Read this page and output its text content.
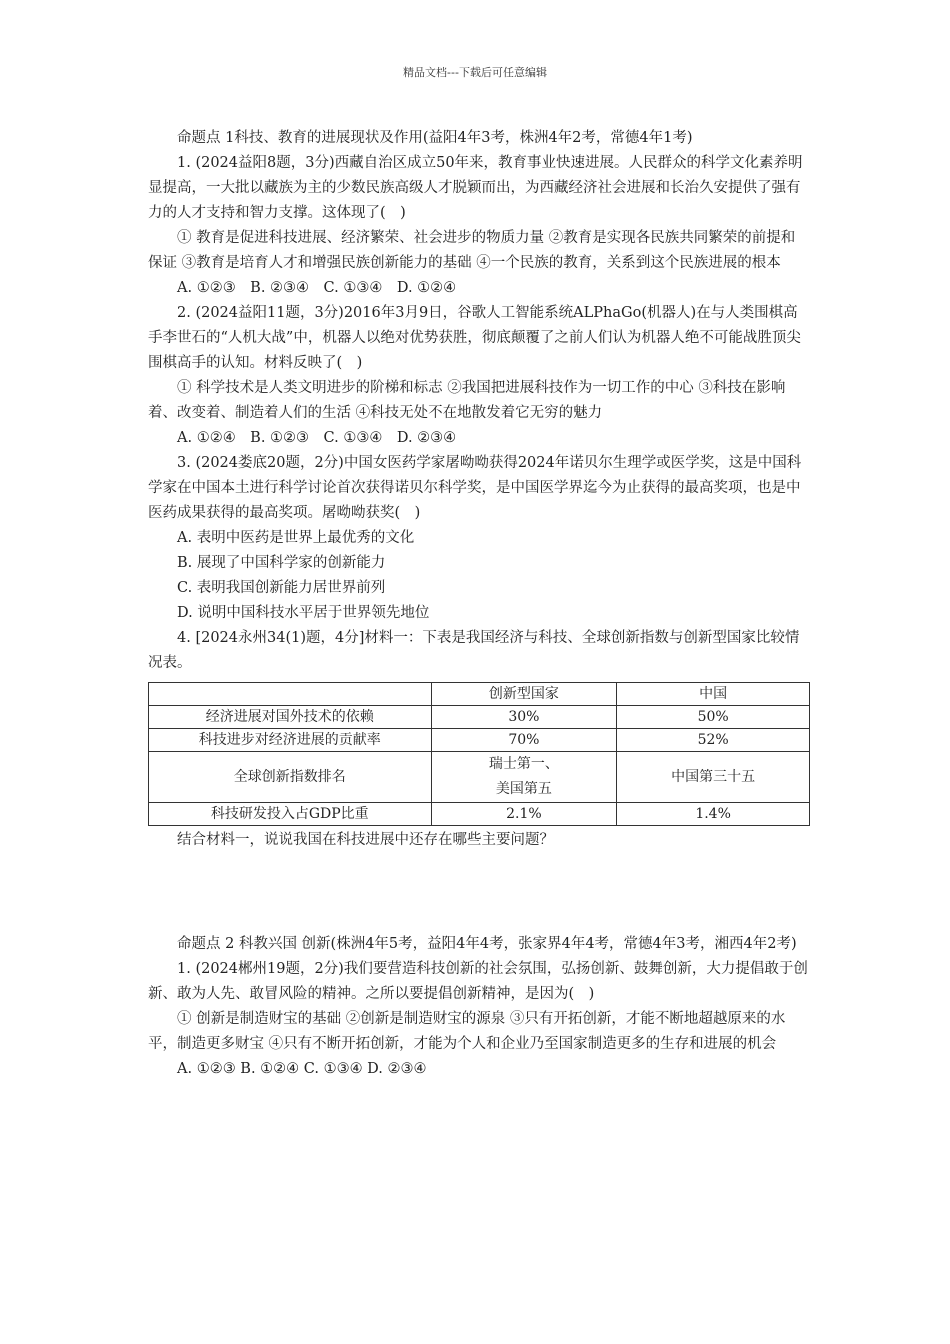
精品文档---下载后可任意编辑

命题点 1科技、教育的进展现状及作用(益阳4年3考，株洲4年2考，常德4年1考)

1. (2024益阳8题，3分)西藏自治区成立50年来，教育事业快速进展。人民群众的科学文化素养明显提高，一大批以藏族为主的少数民族高级人才脱颖而出，为西藏经济社会进展和长治久安提供了强有力的人才支持和智力支撑。这体现了(　)

① 教育是促进科技进展、经济繁荣、社会进步的物质力量 ②教育是实现各民族共同繁荣的前提和保证 ③教育是培育人才和增强民族创新能力的基础 ④一个民族的教育，关系到这个民族进展的根本

A. ①②③　B. ②③④　C. ①③④　D. ①②④

2. (2024益阳11题，3分)2016年3月9日，谷歌人工智能系统ALPhaGo(机器人)在与人类围棋高手李世石的“人机大战”中，机器人以绝对优势获胜，彻底颠覆了之前人们认为机器人绝不可能战胜顶尖围棋高手的认知。材料反映了(　)

① 科学技术是人类文明进步的阶梯和标志 ②我国把进展科技作为一切工作的中心 ③科技在影响着、改变着、制造着人们的生活 ④科技无处不在地散发着它无穷的魅力

A. ①②④　B. ①②③　C. ①③④　D. ②③④

3. (2024娄底20题，2分)中国女医药学家屠呦呦获得2024年诺贝尔生理学或医学奖，这是中国科学家在中国本土进行科学讨论首次获得诺贝尔科学奖，是中国医学界迄今为止获得的最高奖项，也是中医药成果获得的最高奖项。屠呦呦获奖(　)

A. 表明中医药是世界上最优秀的文化

B. 展现了中国科学家的创新能力

C. 表明我国创新能力居世界前列

D. 说明中国科技水平居于世界领先地位

4. [2024永州34(1)题，4分]材料一：下表是我国经济与科技、全球创新指数与创新型国家比较情况表。

	创新型国家	中国
经济进展对国外技术的依赖	30%	50%
科技进步对经济进展的贡献率	70%	52%
全球创新指数排名	瑞士第一、
美国第五	中国第三十五
科技研发投入占GDP比重	2.1%	1.4%

结合材料一，说说我国在科技进展中还存在哪些主要问题？

命题点 2 科教兴国 创新(株洲4年5考，益阳4年4考，张家界4年4考，常德4年3考，湘西4年2考)

1. (2024郴州19题，2分)我们要营造科技创新的社会氛围，弘扬创新、鼓舞创新，大力提倡敢于创新、敢为人先、敢冒风险的精神。之所以要提倡创新精神，是因为(　)

① 创新是制造财宝的基础 ②创新是制造财宝的源泉 ③只有开拓创新，才能不断地超越原来的水平，制造更多财宝 ④只有不断开拓创新，才能为个人和企业乃至国家制造更多的生存和进展的机会

A. ①②③ B. ①②④ C. ①③④ D. ②③④
